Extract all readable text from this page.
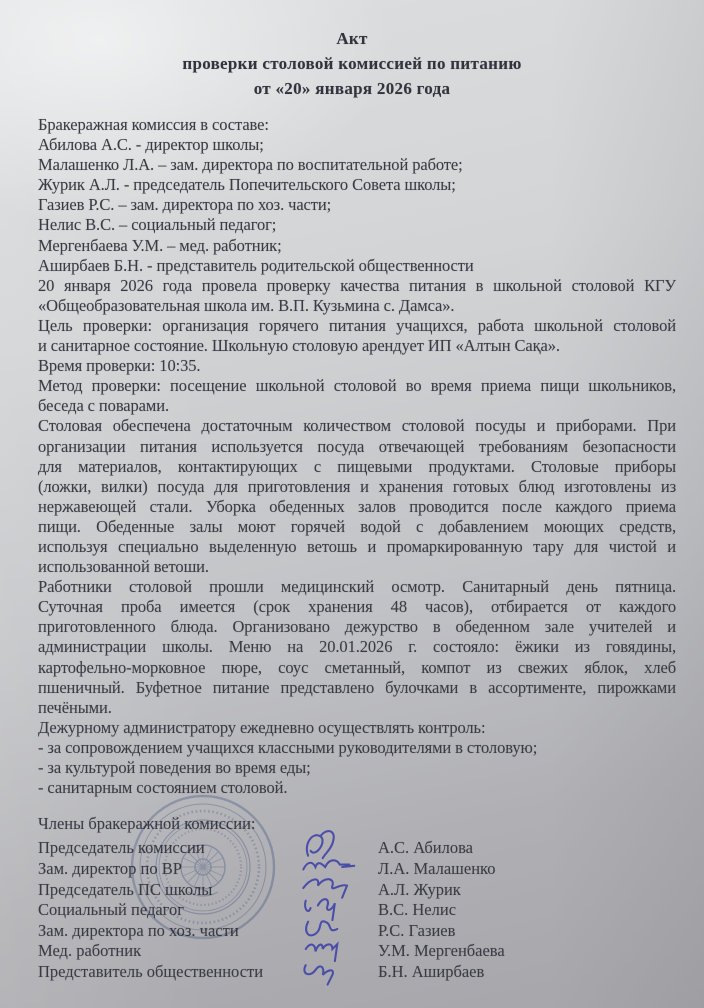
Акт
проверки столовой комиссией по питанию
от «20» января 2026 года
Бракеражная комиссия в составе:
Абилова А.С. - директор школы;
Малашенко Л.А. – зам. директора по воспитательной работе;
Журик А.Л. - председатель Попечительского Совета школы;
Газиев Р.С. – зам. директора по хоз. части;
Нелис В.С. – социальный педагог;
Мергенбаева У.М. – мед. работник;
Аширбаев Б.Н. - представитель родительской общественности
20 января 2026 года провела проверку качества питания в школьной столовой КГУ
«Общеобразовательная школа им. В.П. Кузьмина с. Дамса».
Цель проверки: организация горячего питания учащихся, работа школьной столовой
и санитарное состояние. Школьную столовую арендует ИП «Алтын Сақа».
Время проверки: 10:35.
Метод проверки: посещение школьной столовой во время приема пищи школьников,
беседа с поварами.
Столовая обеспечена достаточным количеством столовой посуды и приборами. При
организации питания используется посуда отвечающей требованиям безопасности
для материалов, контактирующих с пищевыми продуктами. Столовые приборы
(ложки, вилки) посуда для приготовления и хранения готовых блюд изготовлены из
нержавеющей стали. Уборка обеденных залов проводится после каждого приема
пищи. Обеденные залы моют горячей водой с добавлением моющих средств,
используя специально выделенную ветошь и промаркированную тару для чистой и
использованной ветоши.
Работники столовой прошли медицинский осмотр. Санитарный день пятница.
Суточная проба имеется (срок хранения 48 часов), отбирается от каждого
приготовленного блюда. Организовано дежурство в обеденном зале учителей и
администрации школы. Меню на 20.01.2026 г. состояло: ёжики из говядины,
картофельно-морковное пюре, соус сметанный, компот из свежих яблок, хлеб
пшеничный. Буфетное питание представлено булочками в ассортименте, пирожками
печёными.
Дежурному администратору ежедневно осуществлять контроль:
- за сопровождением учащихся классными руководителями в столовую;
- за культурой поведения во время еды;
- санитарным состоянием столовой.
Члены бракеражной комиссии:
Председатель комиссии	А.С. Абилова
Зам. директор по ВР	Л.А. Малашенко
Председатель ПС школы	А.Л. Журик
Социальный педагог	В.С. Нелис
Зам. директора по хоз. части	Р.С. Газиев
Мед. работник	У.М. Мергенбаева
Представитель общественности	Б.Н. Аширбаев
